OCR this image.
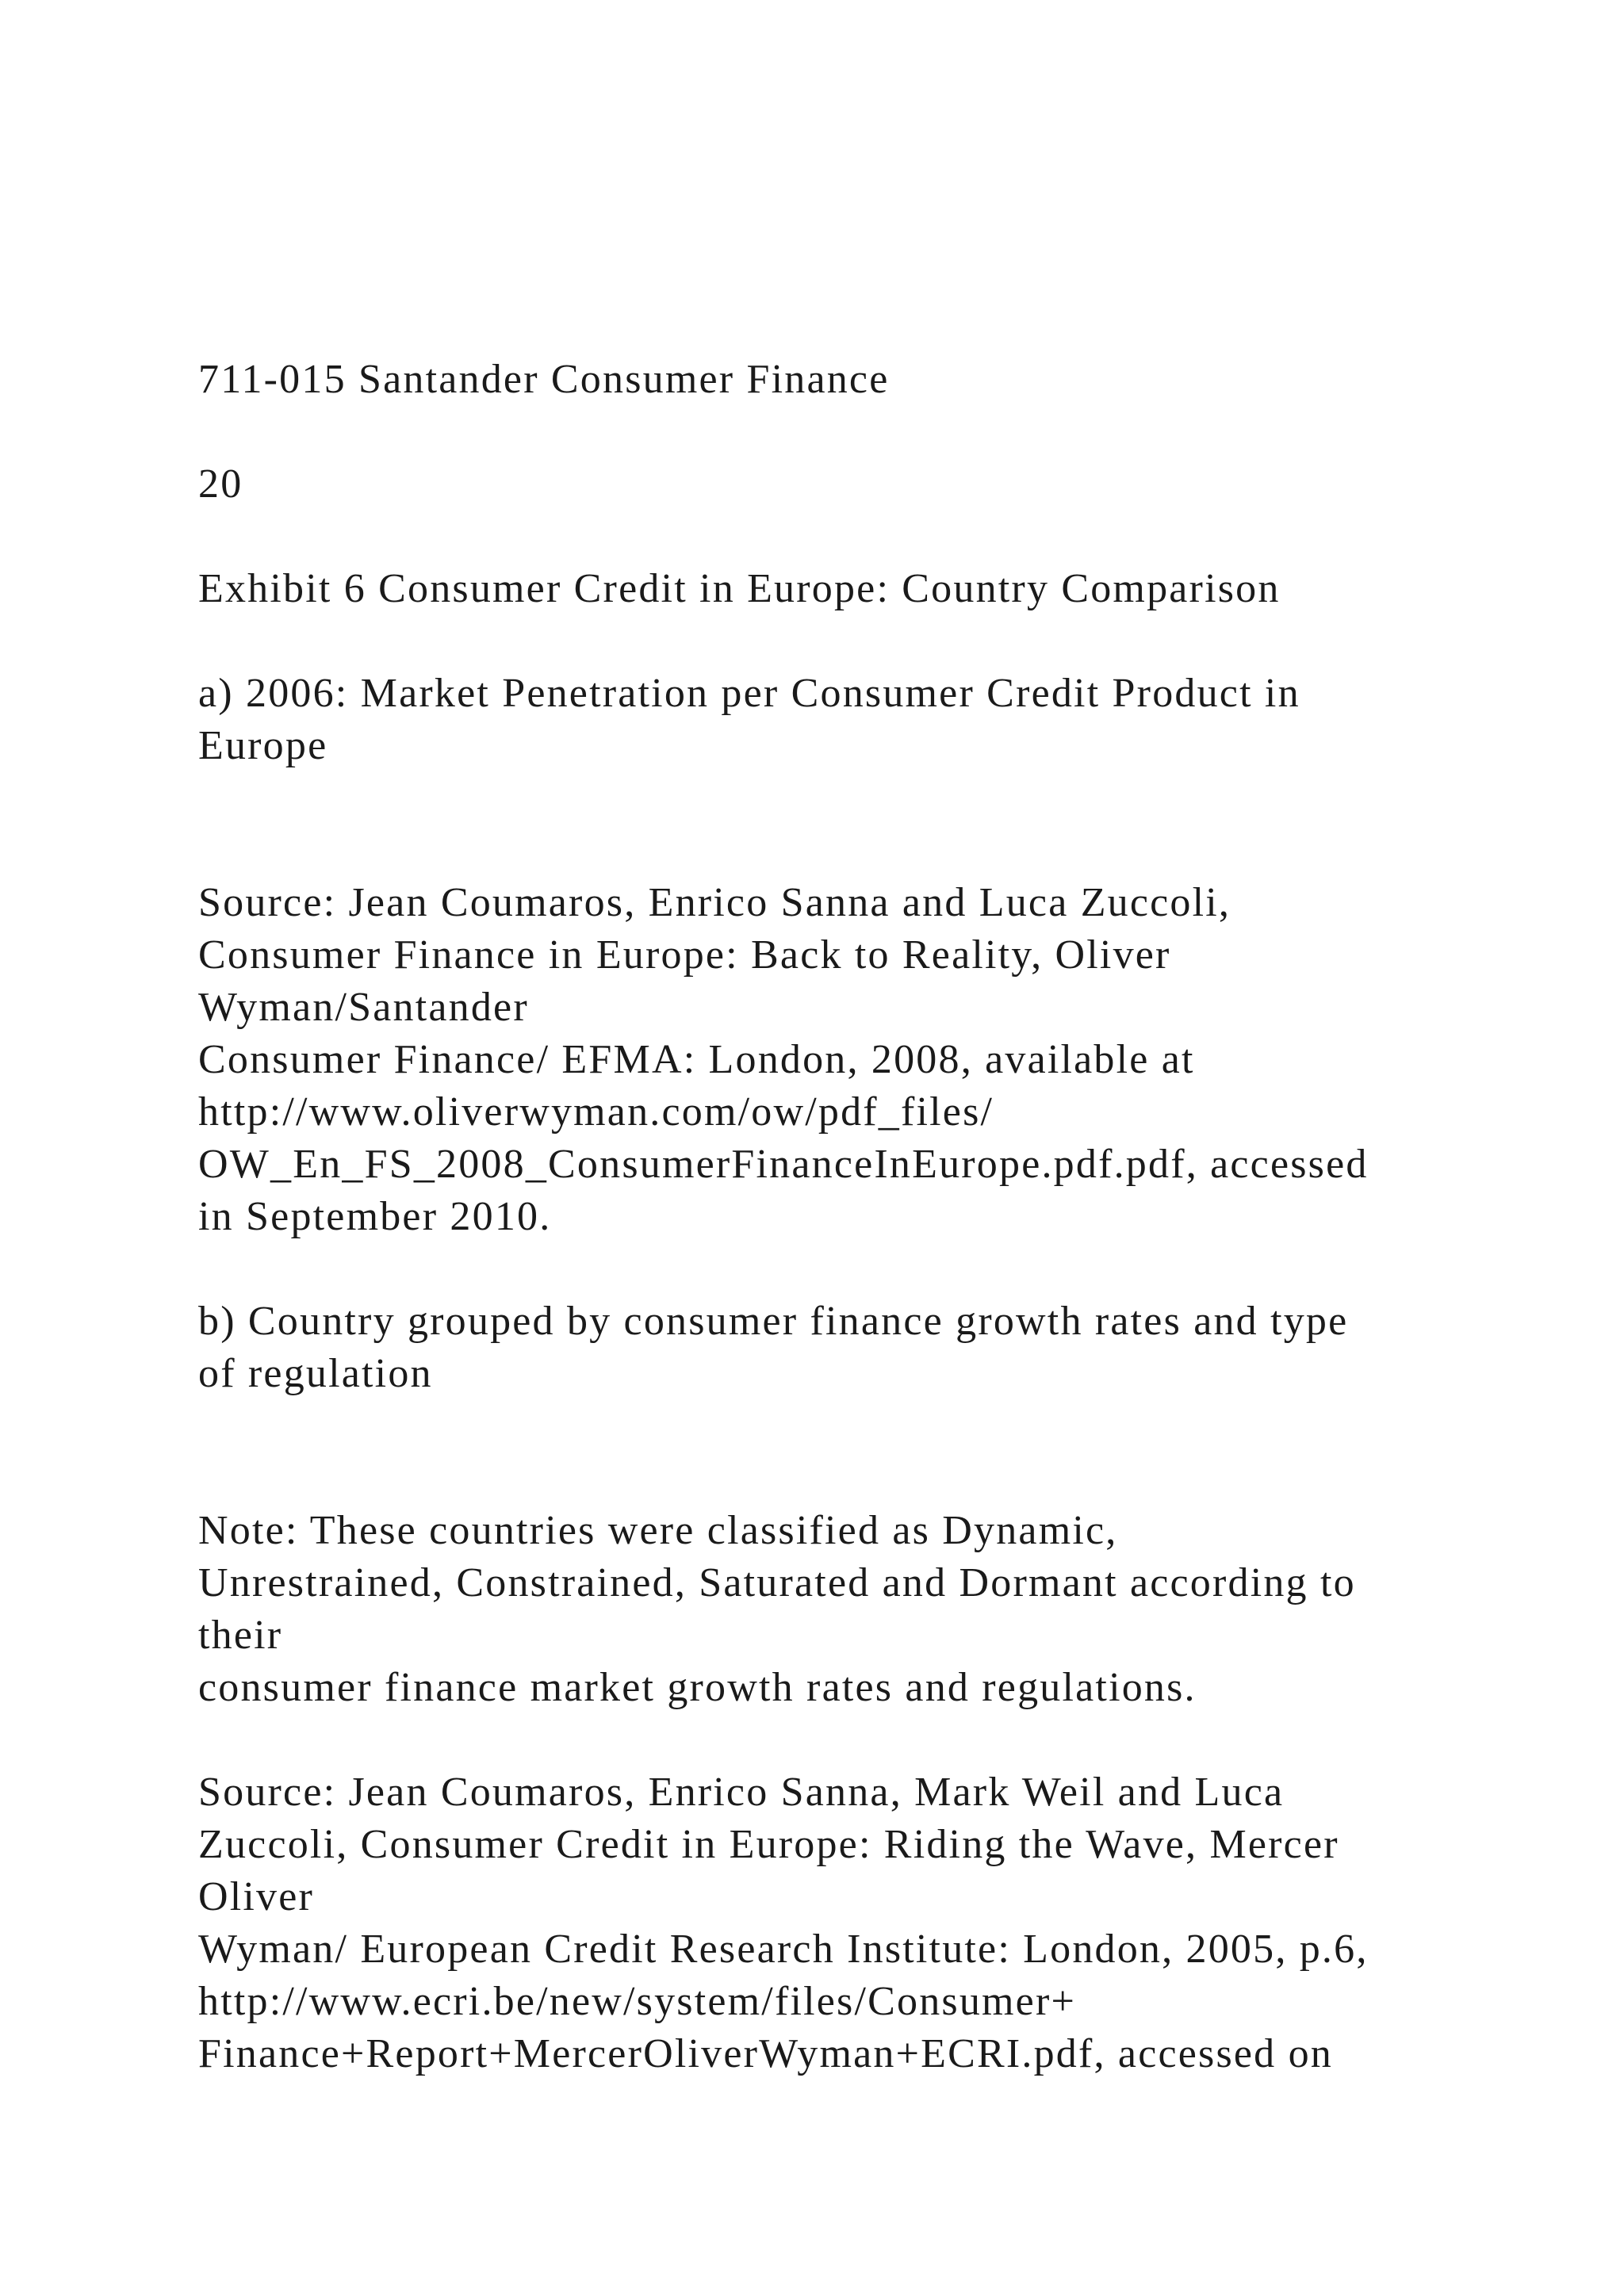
711-015 Santander Consumer Finance
20
Exhibit 6 Consumer Credit in Europe: Country Comparison
a) 2006: Market Penetration per Consumer Credit Product in
Europe
Source: Jean Coumaros, Enrico Sanna and Luca Zuccoli,
Consumer Finance in Europe: Back to Reality, Oliver
Wyman/Santander
Consumer Finance/ EFMA: London, 2008, available at
http://www.oliverwyman.com/ow/pdf_files/
OW_En_FS_2008_ConsumerFinanceInEurope.pdf.pdf, accessed
in September 2010.
b) Country grouped by consumer finance growth rates and type
of regulation
Note: These countries were classified as Dynamic,
Unrestrained, Constrained, Saturated and Dormant according to
their
consumer finance market growth rates and regulations.
Source: Jean Coumaros, Enrico Sanna, Mark Weil and Luca
Zuccoli, Consumer Credit in Europe: Riding the Wave, Mercer
Oliver
Wyman/ European Credit Research Institute: London, 2005, p.6,
http://www.ecri.be/new/system/files/Consumer+
Finance+Report+MercerOliverWyman+ECRI.pdf, accessed on
